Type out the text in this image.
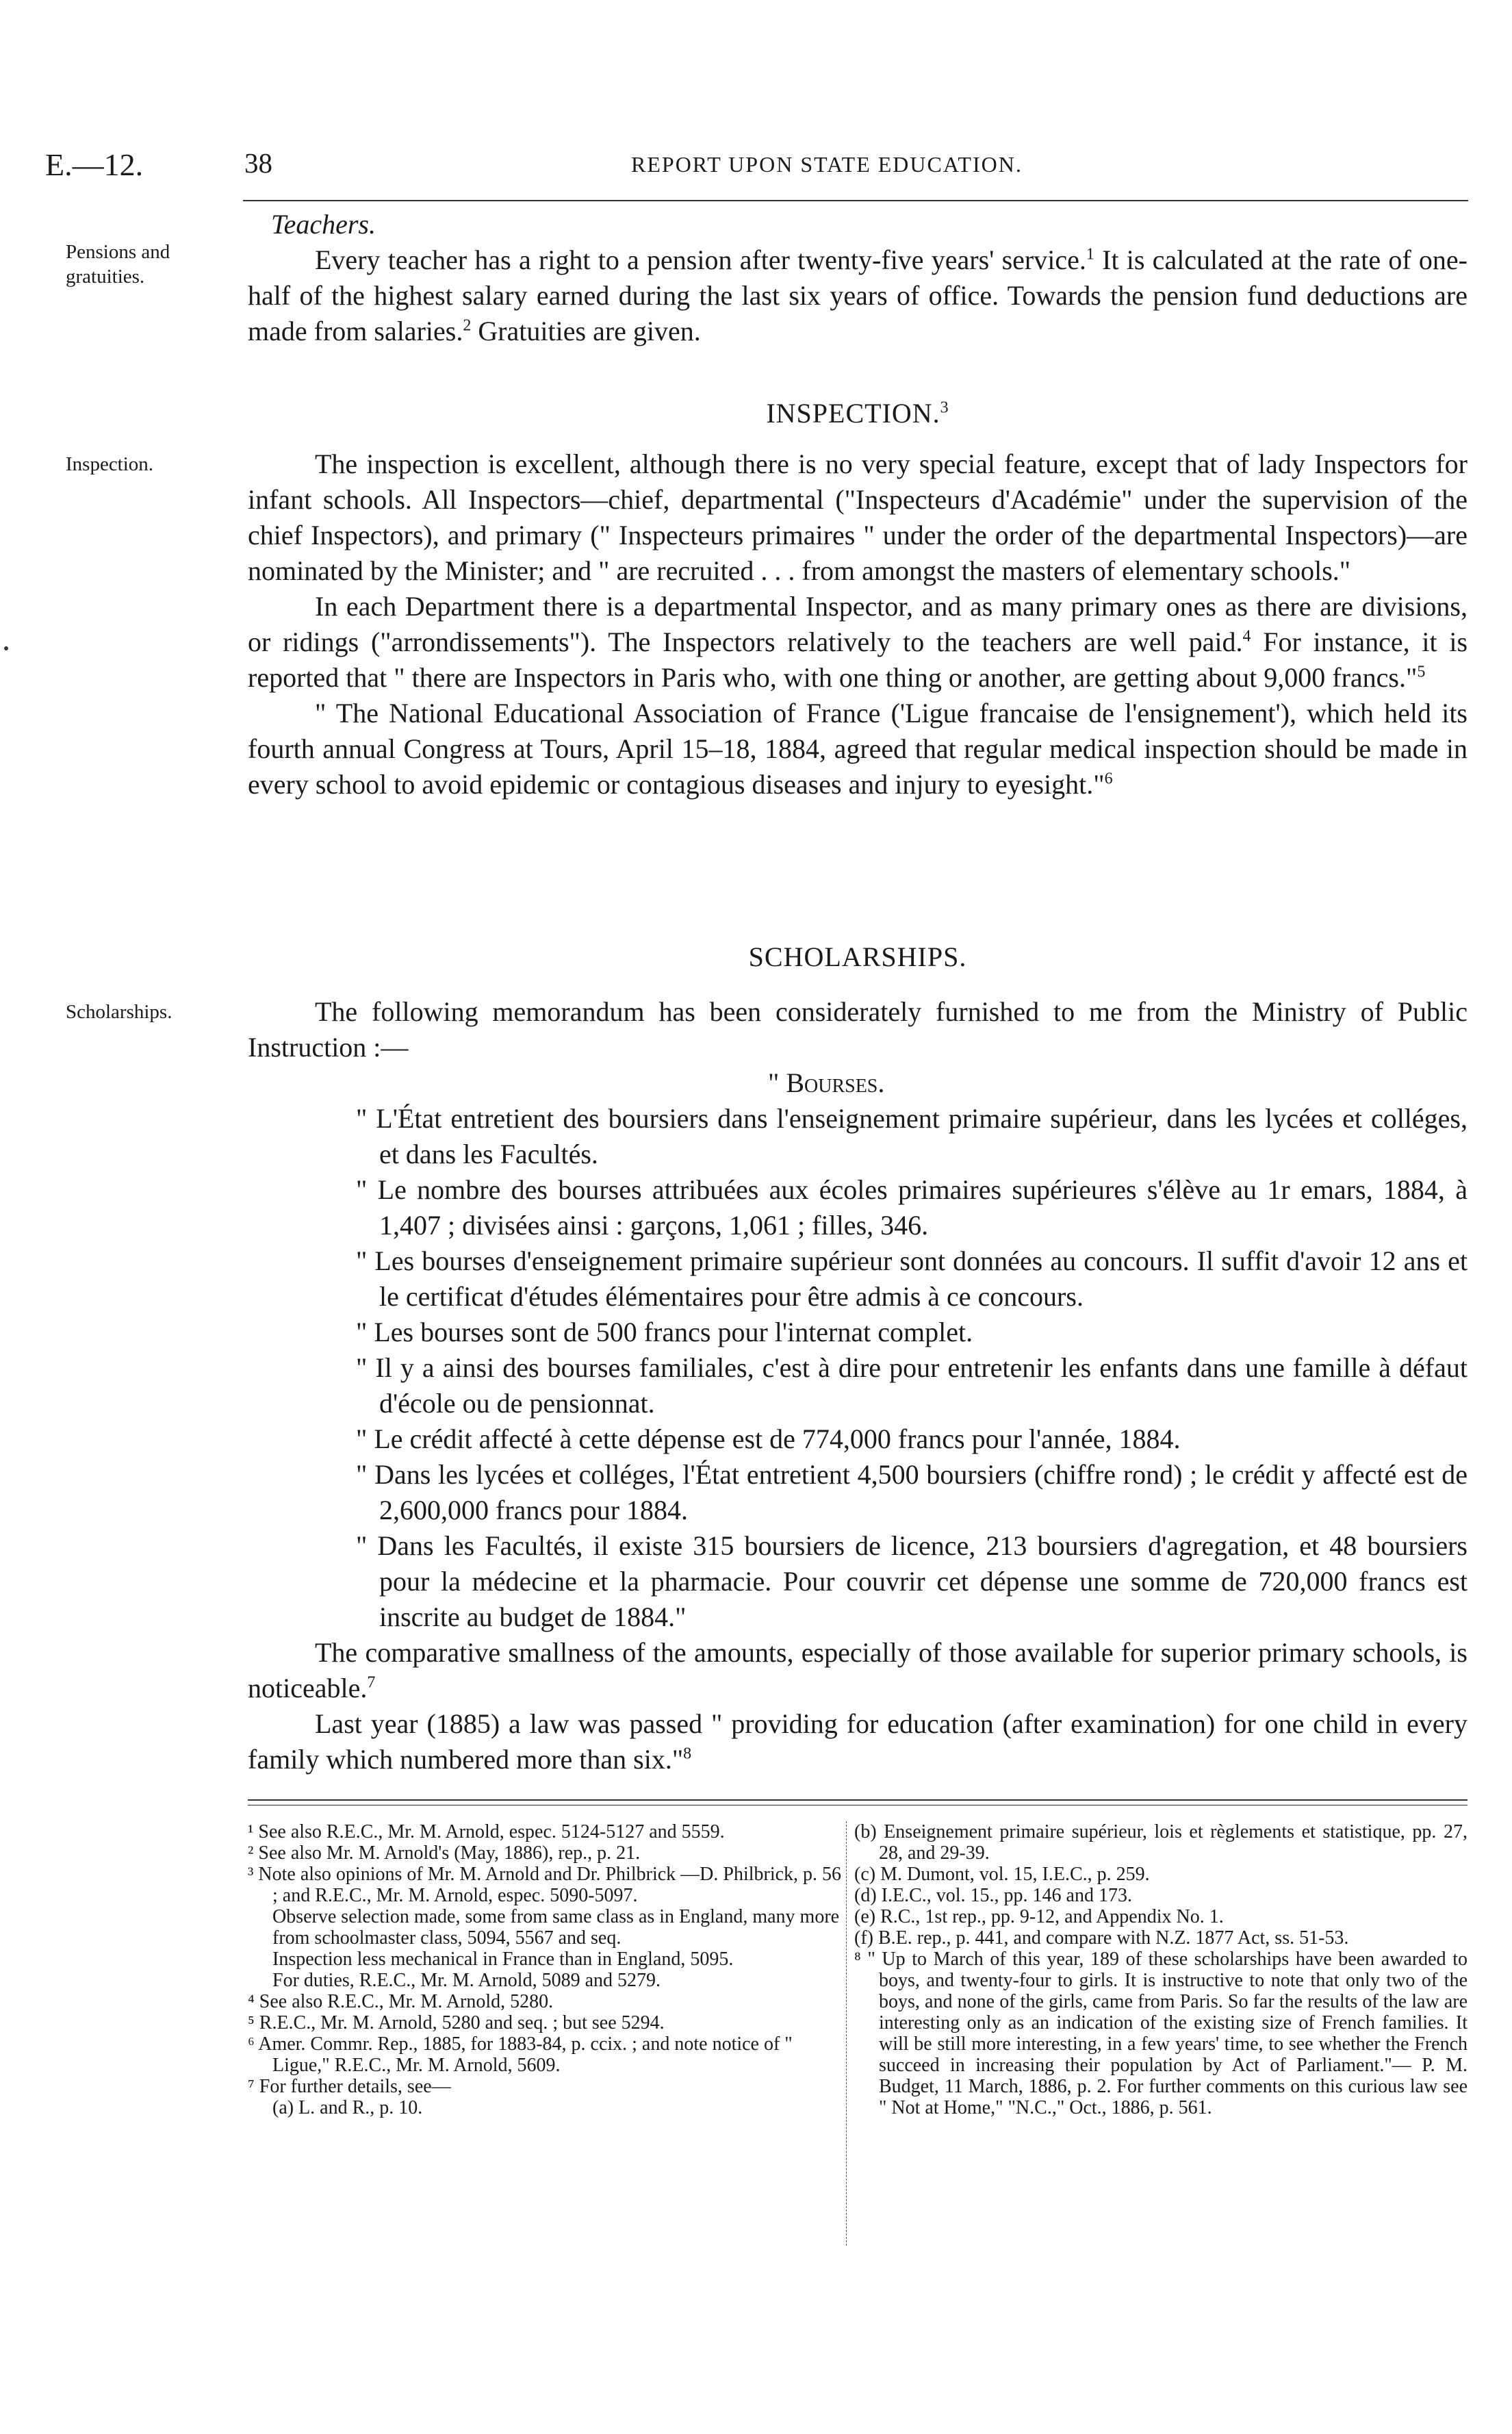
E.—12.	38	REPORT UPON STATE EDUCATION.
Pensions and gratuities.
Inspection.
Scholarships.

Teachers.

Every teacher has a right to a pension after twenty-five years' service.$^1$ It is calculated at the rate of one-half of the highest salary earned during the last six years of office. Towards the pension fund deductions are made from salaries.$^2$ Gratuities are given.

INSPECTION.$^3$

The inspection is excellent, although there is no very special feature, except that of lady Inspectors for infant schools. All Inspectors—chief, departmental ("Inspecteurs d'Académie" under the supervision of the chief Inspectors), and primary (" Inspecteurs primaires " under the order of the departmental Inspectors)—are nominated by the Minister; and " are recruited . . . from amongst the masters of elementary schools."

In each Department there is a departmental Inspector, and as many primary ones as there are divisions, or ridings ("arrondissements"). The Inspectors relatively to the teachers are well paid.$^4$ For instance, it is reported that " there are Inspectors in Paris who, with one thing or another, are getting about 9,000 francs."$^5$

" The National Educational Association of France ('Ligue francaise de l'ensignement'), which held its fourth annual Congress at Tours, April 15–18, 1884, agreed that regular medical inspection should be made in every school to avoid epidemic or contagious diseases and injury to eyesight."$^6$

SCHOLARSHIPS.

The following memorandum has been considerately furnished to me from the Ministry of Public Instruction :—

" Bourses.

" L'État entretient des boursiers dans l'enseignement primaire supérieur, dans les lycées et colléges, et dans les Facultés.

" Le nombre des bourses attribuées aux écoles primaires supérieures s'élève au 1r emars, 1884, à 1,407 ; divisées ainsi : garçons, 1,061 ; filles, 346.

" Les bourses d'enseignement primaire supérieur sont données au concours. Il suffit d'avoir 12 ans et le certificat d'études élémentaires pour être admis à ce concours.

" Les bourses sont de 500 francs pour l'internat complet.

" Il y a ainsi des bourses familiales, c'est à dire pour entretenir les enfants dans une famille à défaut d'école ou de pensionnat.

" Le crédit affecté à cette dépense est de 774,000 francs pour l'année, 1884.

" Dans les lycées et colléges, l'État entretient 4,500 boursiers (chiffre rond) ; le crédit y affecté est de 2,600,000 francs pour 1884.

" Dans les Facultés, il existe 315 boursiers de licence, 213 boursiers d'agregation, et 48 boursiers pour la médecine et la pharmacie. Pour couvrir cet dépense une somme de 720,000 francs est inscrite au budget de 1884."

The comparative smallness of the amounts, especially of those available for superior primary schools, is noticeable.$^7$

Last year (1885) a law was passed " providing for education (after examination) for one child in every family which numbered more than six."$^8$

¹ See also R.E.C., Mr. M. Arnold, espec. 5124-5127 and 5559.

² See also Mr. M. Arnold's (May, 1886), rep., p. 21.

³ Note also opinions of Mr. M. Arnold and Dr. Philbrick —D. Philbrick, p. 56 ; and R.E.C., Mr. M. Arnold, espec. 5090-5097.

Observe selection made, some from same class as in England, many more from schoolmaster class, 5094, 5567 and seq.

Inspection less mechanical in France than in England, 5095.

For duties, R.E.C., Mr. M. Arnold, 5089 and 5279.

⁴ See also R.E.C., Mr. M. Arnold, 5280.

⁵ R.E.C., Mr. M. Arnold, 5280 and seq. ; but see 5294.

⁶ Amer. Commr. Rep., 1885, for 1883-84, p. ccix. ; and note notice of " Ligue," R.E.C., Mr. M. Arnold, 5609.

⁷ For further details, see—

(a) L. and R., p. 10.

(b) Enseignement primaire supérieur, lois et règlements et statistique, pp. 27, 28, and 29-39.

(c) M. Dumont, vol. 15, I.E.C., p. 259.

(d) I.E.C., vol. 15., pp. 146 and 173.

(e) R.C., 1st rep., pp. 9-12, and Appendix No. 1.

(f) B.E. rep., p. 441, and compare with N.Z. 1877 Act, ss. 51-53.

⁸ " Up to March of this year, 189 of these scholarships have been awarded to boys, and twenty-four to girls. It is instructive to note that only two of the boys, and none of the girls, came from Paris. So far the results of the law are interesting only as an indication of the existing size of French families. It will be still more interesting, in a few years' time, to see whether the French succeed in increasing their population by Act of Parliament."— P. M. Budget, 11 March, 1886, p. 2. For further comments on this curious law see " Not at Home," "N.C.," Oct., 1886, p. 561.
